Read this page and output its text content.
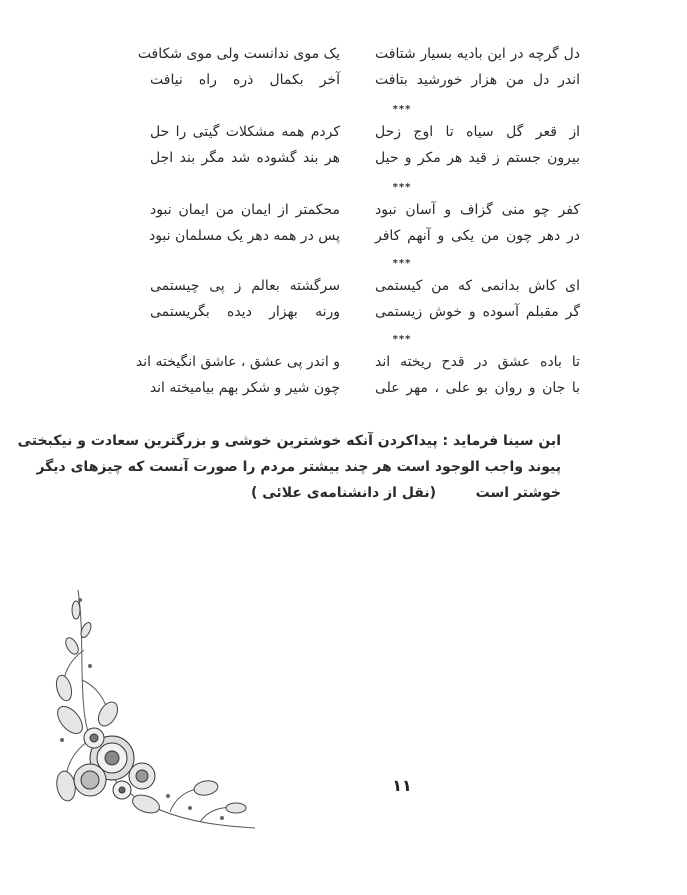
دل گرچه در این بادیه بسیار شتافت
یک موی ندانست ولی موی شکافت
اندر دل من هزار خورشید بتافت
آخر بکمال ذره راه نیافت
***
از قعر گل سیاه تا اوج زحل
کردم همه مشکلات گیتی را حل
بیرون جستم ز قید هر مکر و حیل
هر بند گشوده شد مگر بند اجل
***
کفر چو منی گزاف و آسان نبود
محکمتر از ایمان من ایمان نبود
در دهر چون من یکی و آنهم کافر
پس در همه دهر یک مسلمان نبود
***
ای کاش بدانمی که من کیستمی
سرگشته بعالم ز پی چیستمی
گر مقبلم آسوده و خوش زیستمی
ورنه بهزار دیده بگریستمی
***
تا باده عشق در قدح ریخته اند
و اندر پی عشق ، عاشق انگیخته اند
با جان و روان بو علی ، مهر علی
چون شیر و شکر بهم بیامیخته اند
ابن سینا فرماید : پیداکردن آنکه خوشترین خوشی و بزرگترین سعادت و نیکبختی
پیوند واجب الوجود است هر چند بیشتر مردم را صورت آنست که چیزهای دیگر
خوشتر است
(نقل از دانشنامه‌ی علائی )
۱۱
